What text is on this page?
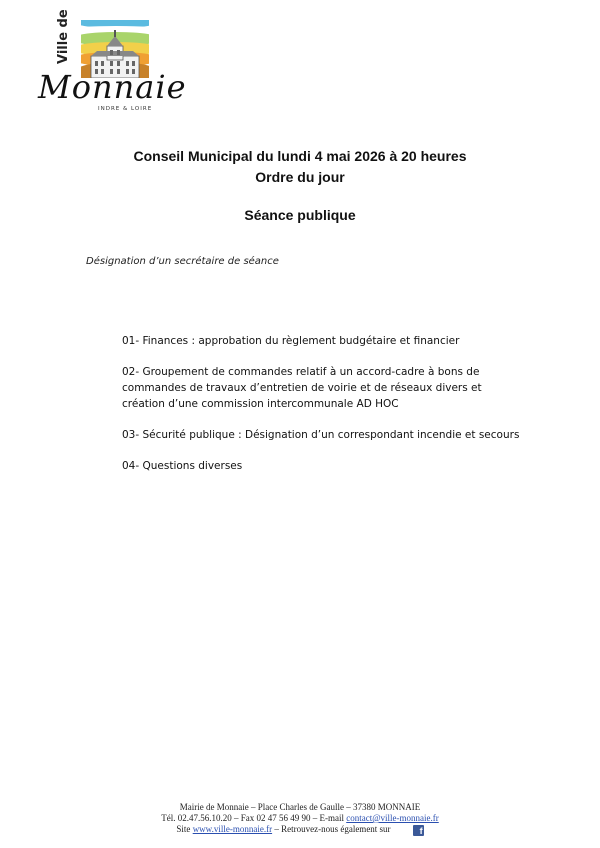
Ville de
Monnaie
INDRE & LOIRE
Conseil Municipal du lundi 4 mai 2026 à 20 heures
Ordre du jour
Séance publique
Désignation d’un secrétaire de séance
01- Finances : approbation du règlement budgétaire et financier
02- Groupement de commandes relatif à un accord-cadre à bons de commandes de travaux d’entretien de voirie et de réseaux divers et création d’une commission intercommunale AD HOC
03- Sécurité publique : Désignation d’un correspondant incendie et secours
04- Questions diverses
Mairie de Monnaie – Place Charles de Gaulle – 37380 MONNAIE
Tél. 02.47.56.10.20 – Fax 02 47 56 49 90 – E-mail contact@ville-monnaie.fr
Site www.ville-monnaie.fr – Retrouvez-nous également sur	f
